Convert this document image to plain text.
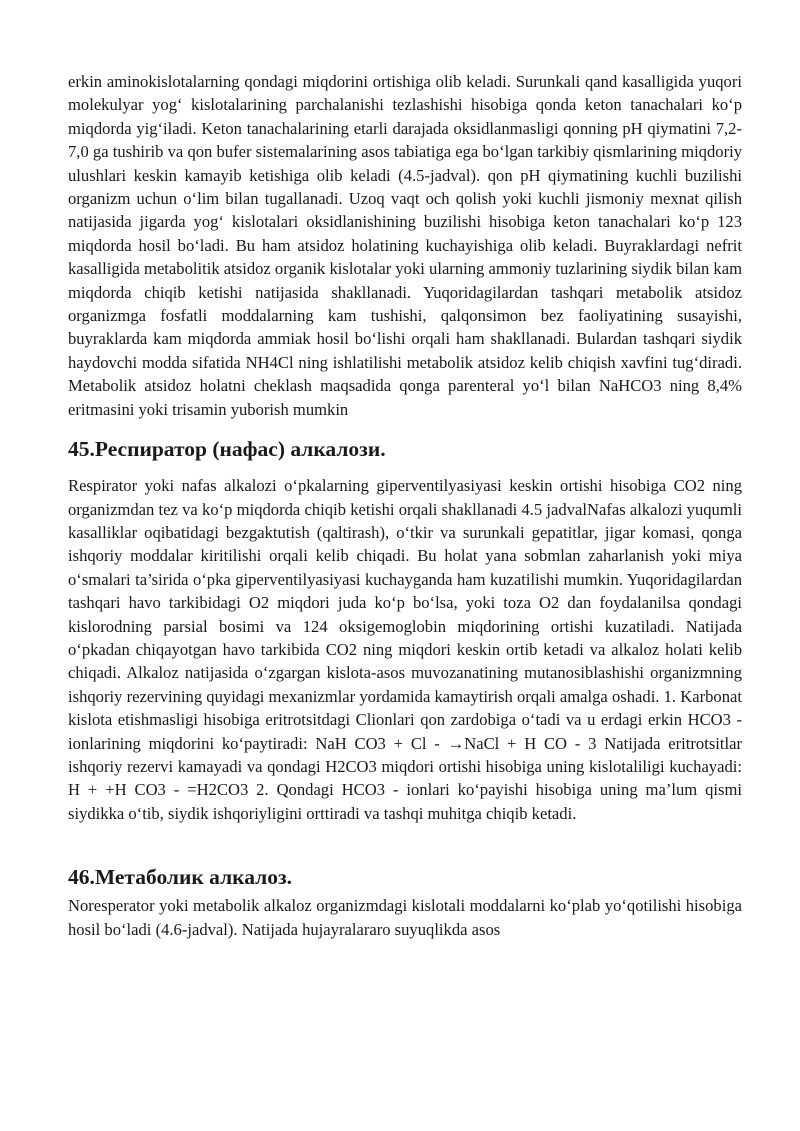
erkin aminokislotalarning qondagi miqdorini ortishiga olib keladi. Surunkali qand kasalligida yuqori molekulyar yog‘ kislotalarining parchalanishi tezlashishi hisobiga qonda keton tanachalari ko‘p miqdorda yig‘iladi. Keton tanachalarining etarli darajada oksidlanmasligi qonning pH qiymatini 7,2-7,0 ga tushirib va qon bufer sistemalarining asos tabiatiga ega bo‘lgan tarkibiy qismlarining miqdoriy ulushlari keskin kamayib ketishiga olib keladi (4.5-jadval). qon pH qiymatining kuchli buzilishi organizm uchun o‘lim bilan tugallanadi. Uzoq vaqt och qolish yoki kuchli jismoniy mexnat qilish natijasida jigarda yog‘ kislotalari oksidlanishining buzilishi hisobiga keton tanachalari ko‘p 123 miqdorda hosil bo‘ladi. Bu ham atsidoz holatining kuchayishiga olib keladi. Buyraklardagi nefrit kasalligida metabolitik atsidoz organik kislotalar yoki ularning ammoniy tuzlarining siydik bilan kam miqdorda chiqib ketishi natijasida shakllanadi. Yuqoridagilardan tashqari metabolik atsidoz organizmga fosfatli moddalarning kam tushishi, qalqonsimon bez faoliyatining susayishi, buyraklarda kam miqdorda ammiak hosil bo‘lishi orqali ham shakllanadi. Bulardan tashqari siydik haydovchi modda sifatida NH4Cl ning ishlatilishi metabolik atsidoz kelib chiqish xavfini tug‘diradi. Metabolik atsidoz holatni cheklash maqsadida qonga parenteral yo‘l bilan NaHCO3 ning 8,4% eritmasini yoki trisamin yuborish mumkin

45.Респиратор (нафас) алкалози.

Respirator yoki nafas alkalozi o‘pkalarning giperventilyasiyasi keskin ortishi hisobiga CO2 ning organizmdan tez va ko‘p miqdorda chiqib ketishi orqali shakllanadi 4.5 jadvalNafas alkalozi yuqumli kasalliklar oqibatidagi bezgaktutish (qaltirash), o‘tkir va surunkali gepatitlar, jigar komasi, qonga ishqoriy moddalar kiritilishi orqali kelib chiqadi. Bu holat yana sobmlan zaharlanish yoki miya o‘smalari ta’sirida o‘pka giperventilyasiyasi kuchayganda ham kuzatilishi mumkin. Yuqoridagilardan tashqari havo tarkibidagi O2 miqdori juda ko‘p bo‘lsa, yoki toza O2 dan foydalanilsa qondagi kislorodning parsial bosimi va 124 oksigemoglobin miqdorining ortishi kuzatiladi. Natijada o‘pkadan chiqayotgan havo tarkibida CO2 ning miqdori keskin ortib ketadi va alkaloz holati kelib chiqadi. Alkaloz natijasida o‘zgargan kislota-asos muvozanatining mutanosiblashishi organizmning ishqoriy rezervining quyidagi mexanizmlar yordamida kamaytirish orqali amalga oshadi. 1. Karbonat kislota etishmasligi hisobiga eritrotsitdagi Clionlari qon zardobiga o‘tadi va u erdagi erkin HCO3 - ionlarining miqdorini ko‘paytiradi: NaH CO3 + Cl - →NaCl + H CO - 3 Natijada eritrotsitlar ishqoriy rezervi kamayadi va qondagi H2CO3 miqdori ortishi hisobiga uning kislotaliligi kuchayadi: H + +H CO3 - =H2CO3 2. Qondagi HCO3 - ionlari ko‘payishi hisobiga uning ma’lum qismi siydikka o‘tib, siydik ishqoriyligini orttiradi va tashqi muhitga chiqib ketadi.

46.Метаболик алкалоз.

Noresperator yoki metabolik alkaloz organizmdagi kislotali moddalarni ko‘plab yo‘qotilishi hisobiga hosil bo‘ladi (4.6-jadval). Natijada hujayralararo suyuqlikda asos
